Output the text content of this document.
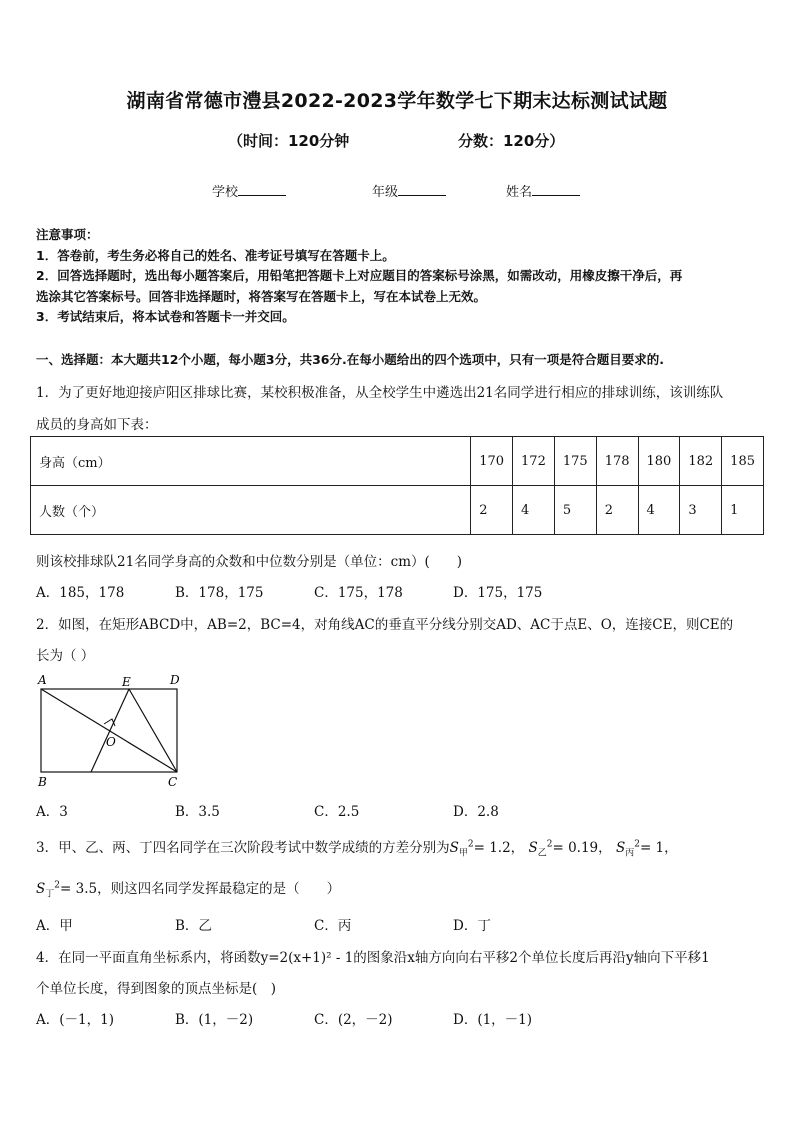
湖南省常德市澧县2022-2023学年数学七下期末达标测试试题
（时间：120分钟	分数：120分）
学校	年级	姓名
注意事项：
1．答卷前，考生务必将自己的姓名、准考证号填写在答题卡上。
2．回答选择题时，选出每小题答案后，用铅笔把答题卡上对应题目的答案标号涂黑，如需改动，用橡皮擦干净后，再
选涂其它答案标号。回答非选择题时，将答案写在答题卡上，写在本试卷上无效。
3．考试结束后，将本试卷和答题卡一并交回。
一、选择题：本大题共12个小题，每小题3分，共36分.在每小题给出的四个选项中，只有一项是符合题目要求的.
1．为了更好地迎接庐阳区排球比赛，某校积极准备，从全校学生中遴选出21名同学进行相应的排球训练，该训练队
成员的身高如下表：
身高（cm）	170	172	175	178	180	182	185
人数（个）	2	4	5	2	4	3	1
则该校排球队21名同学身高的众数和中位数分别是（单位：cm）(　　)
A．185，178	B．178，175	C．175，178	D．175，175
2．如图，在矩形ABCD中，AB=2，BC=4，对角线AC的垂直平分线分别交AD、AC于点E、O，连接CE，则CE的
长为（ ）
A	D
E
O
B	C
A．3	B．3.5	C．2.5	D．2.8
3．甲、乙、两、丁四名同学在三次阶段考试中数学成绩的方差分别为$S_甲^2= 1.2$， $S_乙^2= 0.19$， $S_丙^2= 1$，
$S_丁^2= 3.5$，则这四名同学发挥最稳定的是（　　）
A．甲	B．乙	C．丙	D．丁
4．在同一平面直角坐标系内，将函数y=2(x+1)² - 1的图象沿x轴方向向右平移2个单位长度后再沿y轴向下平移1
个单位长度，得到图象的顶点坐标是(　)
A．(－1，1)	B．(1，－2)	C．(2，－2)	D．(1，－1)
